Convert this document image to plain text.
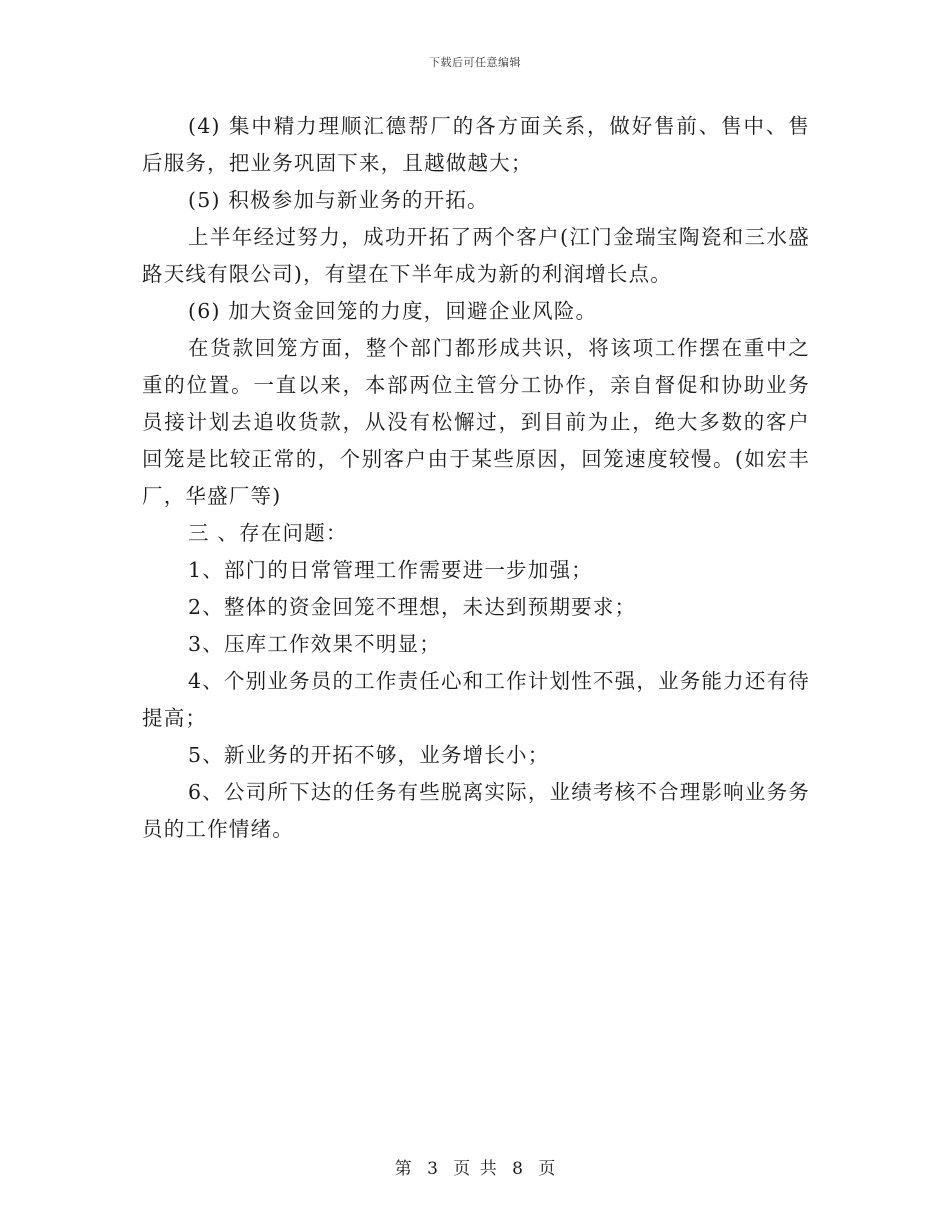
下载后可任意编辑

(4) 集中精力理顺汇德帮厂的各方面关系，做好售前、售中、售后服务，把业务巩固下来，且越做越大；

(5) 积极参加与新业务的开拓。

上半年经过努力，成功开拓了两个客户(江门金瑞宝陶瓷和三水盛路天线有限公司)，有望在下半年成为新的利润增长点。

(6) 加大资金回笼的力度，回避企业风险。

在货款回笼方面，整个部门都形成共识，将该项工作摆在重中之重的位置。一直以来，本部两位主管分工协作，亲自督促和协助业务员接计划去追收货款，从没有松懈过，到目前为止，绝大多数的客户回笼是比较正常的，个别客户由于某些原因，回笼速度较慢。(如宏丰厂，华盛厂等)

三 、存在问题：

1、部门的日常管理工作需要进一步加强；

2、整体的资金回笼不理想，未达到预期要求；

3、压库工作效果不明显；

4、个别业务员的工作责任心和工作计划性不强，业务能力还有待提高；

5、新业务的开拓不够，业务增长小；

6、公司所下达的任务有些脱离实际，业绩考核不合理影响业务务员的工作情绪。

第 3 页 共 8 页
